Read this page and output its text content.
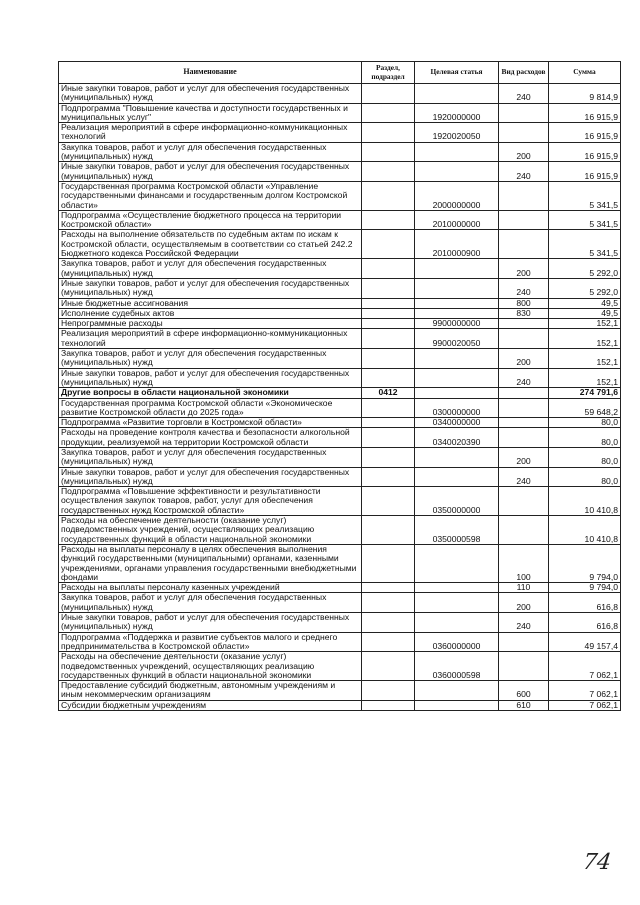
Наименование	Раздел, подраздел	Целевая статья	Вид расходов	Сумма
Иные закупки товаров, работ и услуг для обеспечения государственных (муниципальных) нужд			240	9 814,9
Подпрограмма "Повышение качества и доступности государственных и муниципальных услуг"		1920000000		16 915,9
Реализация мероприятий в сфере информационно-коммуникационных технологий		1920020050		16 915,9
Закупка товаров, работ и услуг для обеспечения государственных (муниципальных) нужд			200	16 915,9
Иные закупки товаров, работ и услуг для обеспечения государственных (муниципальных) нужд			240	16 915,9
Государственная программа Костромской области «Управление государственными финансами и государственным долгом Костромской области»		2000000000		5 341,5
Подпрограмма «Осуществление бюджетного процесса на территории Костромской области»		2010000000		5 341,5
Расходы на выполнение обязательств по судебным актам по искам к Костромской области, осуществляемым в соответствии со статьей 242.2 Бюджетного кодекса Российской Федерации		2010000900		5 341,5
Закупка товаров, работ и услуг для обеспечения государственных (муниципальных) нужд			200	5 292,0
Иные закупки товаров, работ и услуг для обеспечения государственных (муниципальных) нужд			240	5 292,0
Иные бюджетные ассигнования			800	49,5
Исполнение судебных актов			830	49,5
Непрограммные расходы		9900000000		152,1
Реализация мероприятий в сфере информационно-коммуникационных технологий		9900020050		152,1
Закупка товаров, работ и услуг для обеспечения государственных (муниципальных) нужд			200	152,1
Иные закупки товаров, работ и услуг для обеспечения государственных (муниципальных) нужд			240	152,1
Другие вопросы в области национальной экономики	0412			274 791,6
Государственная программа Костромской области «Экономическое развитие Костромской области до 2025 года»		0300000000		59 648,2
Подпрограмма «Развитие торговли в Костромской области»		0340000000		80,0
Расходы на проведение контроля качества и безопасности алкогольной продукции, реализуемой на территории Костромской области		0340020390		80,0
Закупка товаров, работ и услуг для обеспечения государственных (муниципальных) нужд			200	80,0
Иные закупки товаров, работ и услуг для обеспечения государственных (муниципальных) нужд			240	80,0
Подпрограмма «Повышение эффективности и результативности осуществления закупок товаров, работ, услуг для обеспечения государственных нужд Костромской области»		0350000000		10 410,8
Расходы на обеспечение деятельности (оказание услуг) подведомственных учреждений, осуществляющих реализацию государственных функций в области национальной экономики		0350000598		10 410,8
Расходы на выплаты персоналу в целях обеспечения выполнения функций государственными (муниципальными) органами, казенными учреждениями, органами управления государственными внебюджетными фондами			100	9 794,0
Расходы на выплаты персоналу казенных учреждений			110	9 794,0
Закупка товаров, работ и услуг для обеспечения государственных (муниципальных) нужд			200	616,8
Иные закупки товаров, работ и услуг для обеспечения государственных (муниципальных) нужд			240	616,8
Подпрограмма «Поддержка и развитие субъектов малого и среднего предпринимательства в Костромской области»		0360000000		49 157,4
Расходы на обеспечение деятельности (оказание услуг) подведомственных учреждений, осуществляющих реализацию государственных функций в области национальной экономики		0360000598		7 062,1
Предоставление субсидий бюджетным, автономным учреждениям и иным некоммерческим организациям			600	7 062,1
Субсидии бюджетным учреждениям			610	7 062,1
74
